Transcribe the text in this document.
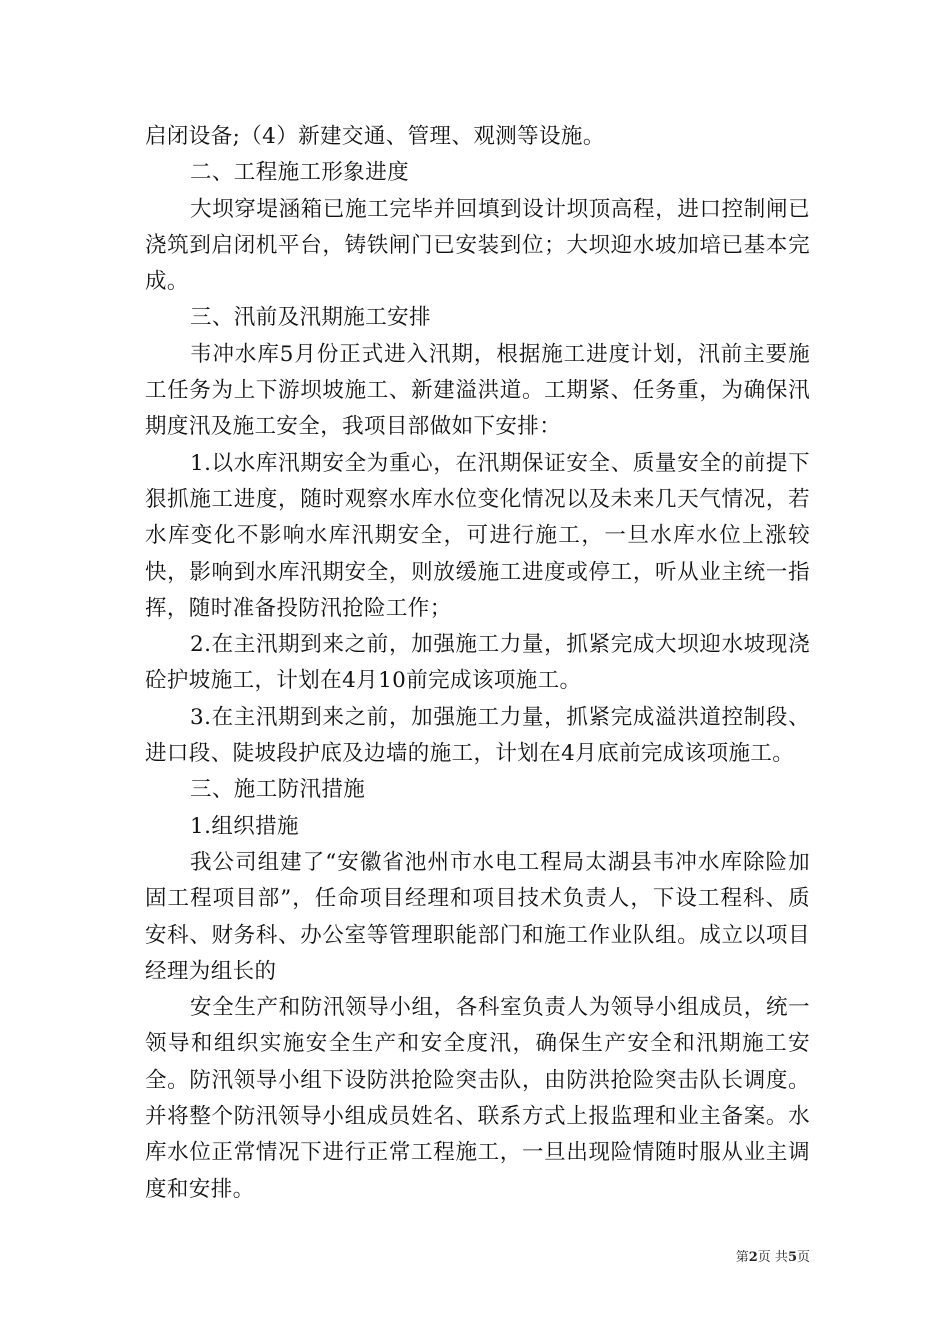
启闭设备;（4）新建交通、管理、观测等设施。

二、工程施工形象进度

大坝穿堤涵箱已施工完毕并回填到设计坝顶高程，进口控制闸已浇筑到启闭机平台，铸铁闸门已安装到位；大坝迎水坡加培已基本完成。

三、汛前及汛期施工安排

韦冲水库5月份正式进入汛期，根据施工进度计划，汛前主要施工任务为上下游坝坡施工、新建溢洪道。工期紧、任务重，为确保汛期度汛及施工安全，我项目部做如下安排：

1.以水库汛期安全为重心，在汛期保证安全、质量安全的前提下狠抓施工进度，随时观察水库水位变化情况以及未来几天气情况，若水库变化不影响水库汛期安全，可进行施工，一旦水库水位上涨较快，影响到水库汛期安全，则放缓施工进度或停工，听从业主统一指挥，随时准备投防汛抢险工作；

2.在主汛期到来之前，加强施工力量，抓紧完成大坝迎水坡现浇砼护坡施工，计划在4月10前完成该项施工。

3.在主汛期到来之前，加强施工力量，抓紧完成溢洪道控制段、进口段、陡坡段护底及边墙的施工，计划在4月底前完成该项施工。

三、施工防汛措施

1.组织措施

我公司组建了“安徽省池州市水电工程局太湖县韦冲水库除险加固工程项目部”，任命项目经理和项目技术负责人，下设工程科、质安科、财务科、办公室等管理职能部门和施工作业队组。成立以项目经理为组长的

安全生产和防汛领导小组，各科室负责人为领导小组成员，统一领导和组织实施安全生产和安全度汛，确保生产安全和汛期施工安全。防汛领导小组下设防洪抢险突击队，由防洪抢险突击队长调度。并将整个防汛领导小组成员姓名、联系方式上报监理和业主备案。水库水位正常情况下进行正常工程施工，一旦出现险情随时服从业主调度和安排。

第2页 共5页
